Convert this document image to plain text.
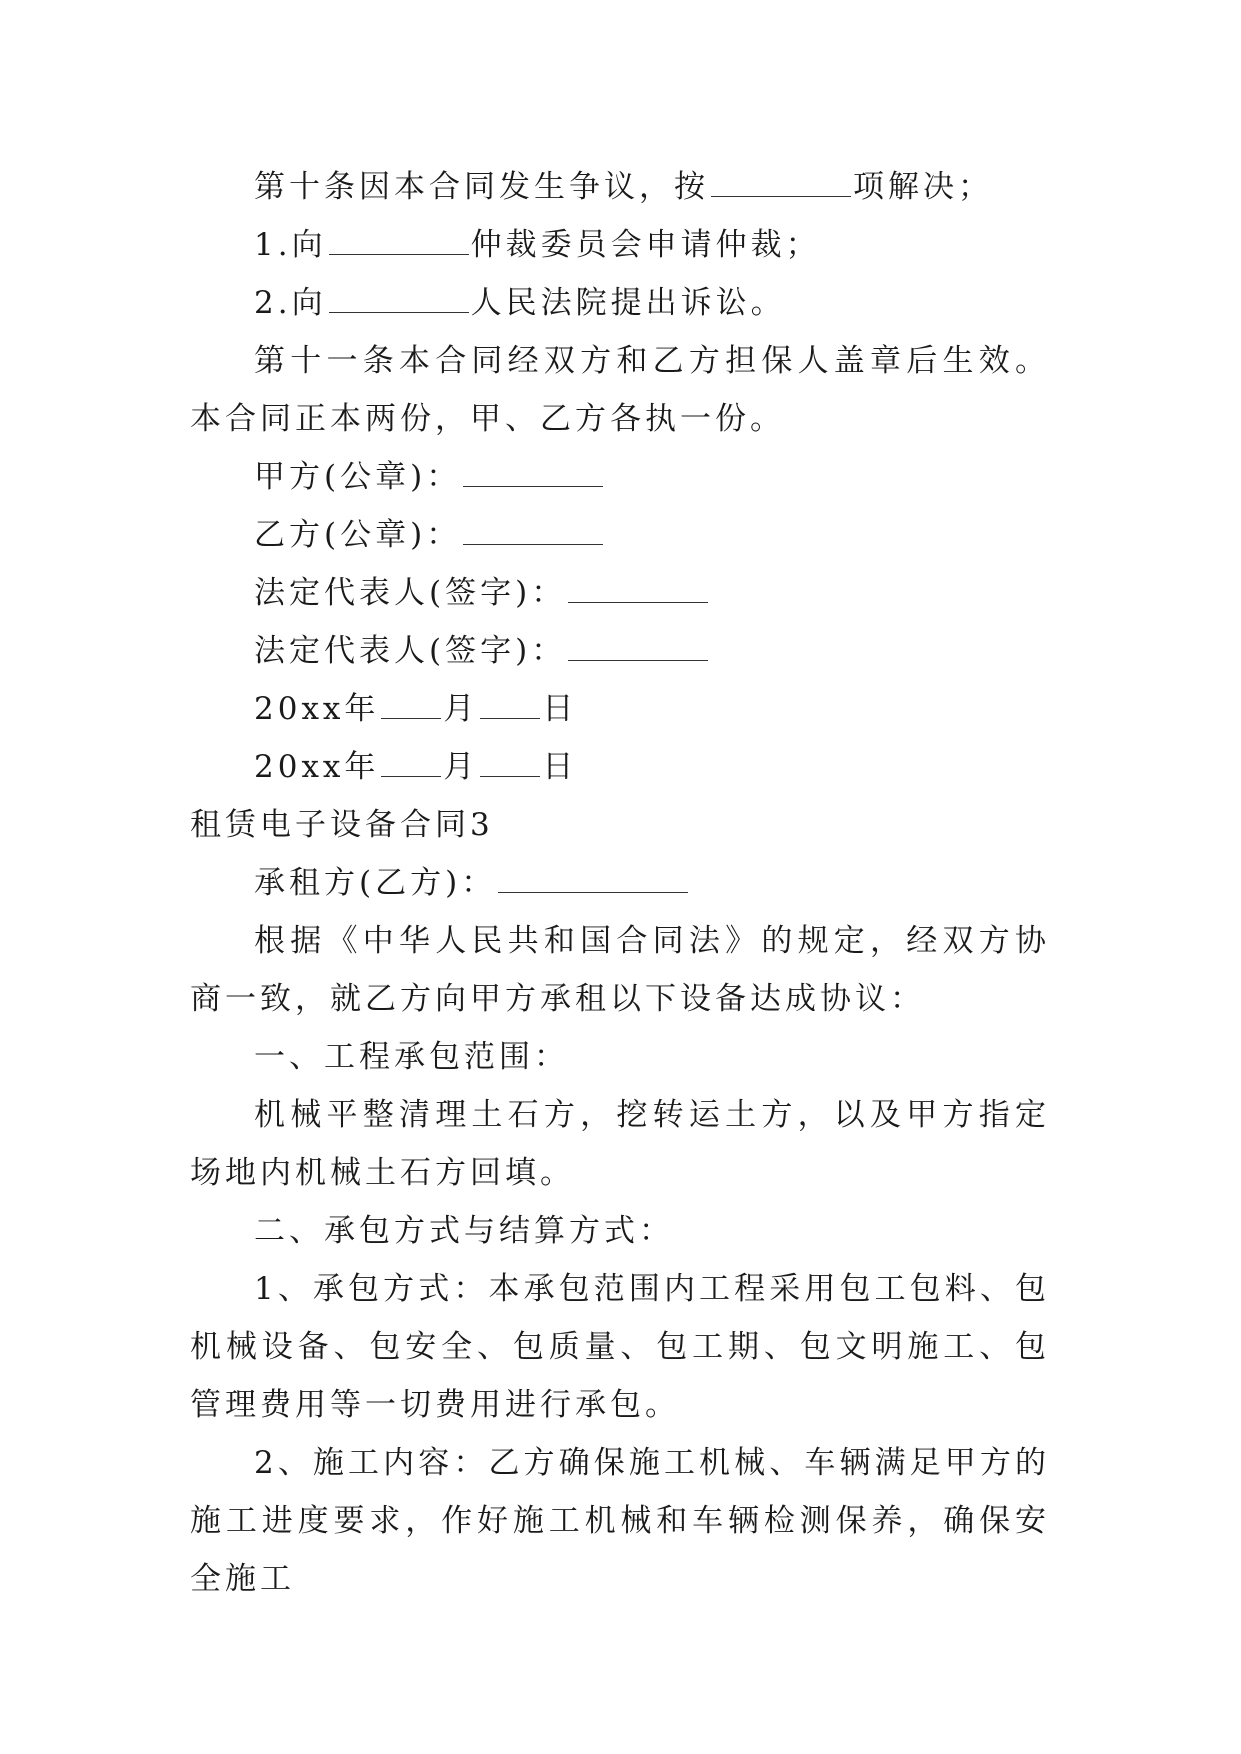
第十条因本合同发生争议，按	项解决；

1.向	仲裁委员会申请仲裁；

2.向	人民法院提出诉讼。

第十一条本合同经双方和乙方担保人盖章后生效。本合同正本两份，甲、乙方各执一份。

甲方(公章)：

乙方(公章)：

法定代表人(签字)：

法定代表人(签字)：

20xx年 月 日

20xx年 月 日

租赁电子设备合同3

承租方(乙方)：

根据《中华人民共和国合同法》的规定，经双方协商一致，就乙方向甲方承租以下设备达成协议：

一、工程承包范围：

机械平整清理土石方，挖转运土方，以及甲方指定场地内机械土石方回填。

二、承包方式与结算方式：

1、承包方式：本承包范围内工程采用包工包料、包机械设备、包安全、包质量、包工期、包文明施工、包管理费用等一切费用进行承包。

2、施工内容：乙方确保施工机械、车辆满足甲方的施工进度要求，作好施工机械和车辆检测保养，确保安全施工
